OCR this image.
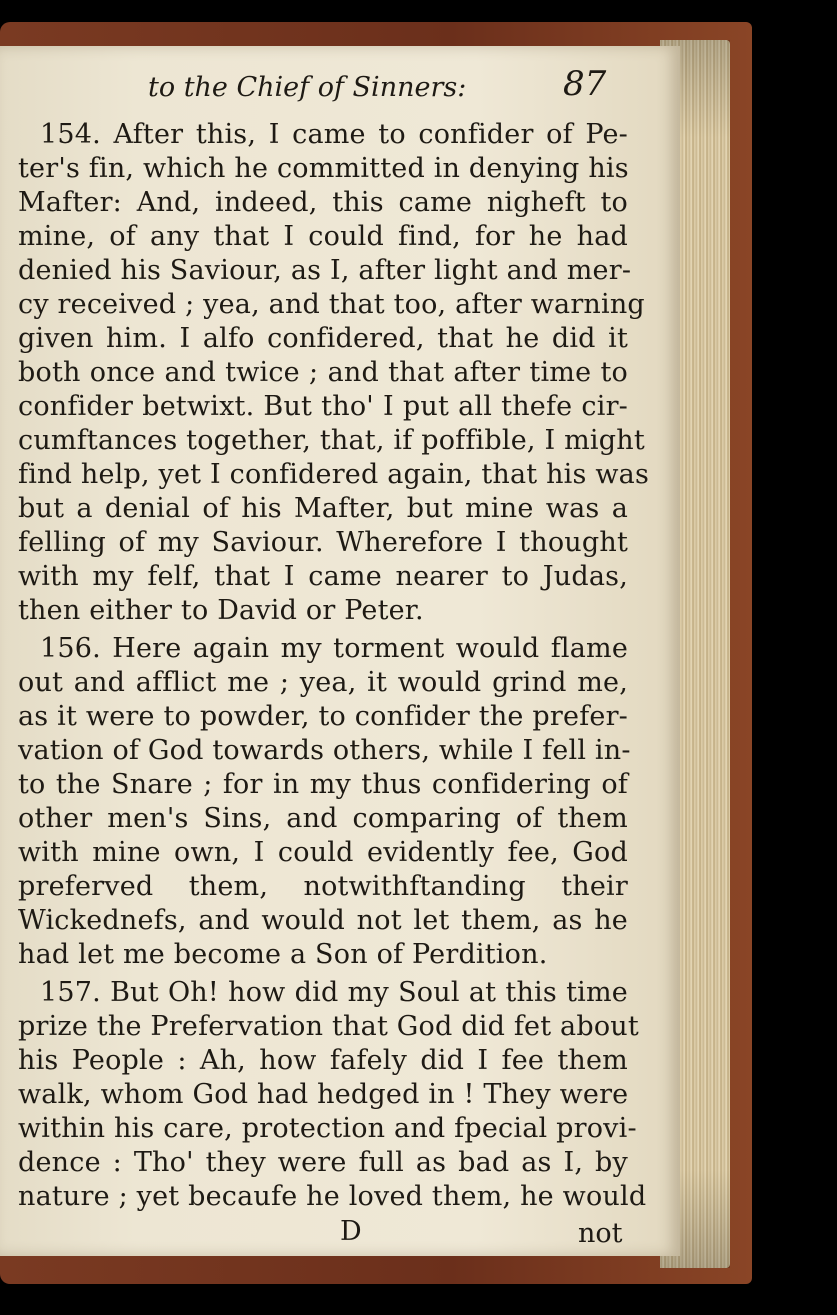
to the Chief of Sinners:	87
154. After this, I came to confider of Pe-
ter's fin, which he committed in denying his
Mafter: And, indeed, this came nigheft to
mine, of any that I could find, for he had
denied his Saviour, as I, after light and mer-
cy received ; yea, and that too, after warning
given him. I alfo confidered, that he did it
both once and twice ; and that after time to
confider betwixt. But tho' I put all thefe cir-
cumftances together, that, if poffible, I might
find help, yet I confidered again, that his was
but a denial of his Mafter, but mine was a
felling of my Saviour. Wherefore I thought
with my felf, that I came nearer to Judas,
then either to David or Peter.
156. Here again my torment would flame
out and afflict me ; yea, it would grind me,
as it were to powder, to confider the prefer-
vation of God towards others, while I fell in-
to the Snare ; for in my thus confidering of
other men's Sins, and comparing of them
with mine own, I could evidently fee, God
preferved them, notwithftanding their
Wickednefs, and would not let them, as he
had let me become a Son of Perdition.
157. But Oh! how did my Soul at this time
prize the Prefervation that God did fet about
his People : Ah, how fafely did I fee them
walk, whom God had hedged in ! They were
within his care, protection and fpecial provi-
dence : Tho' they were full as bad as I, by
nature ; yet becaufe he loved them, he would
D	not
